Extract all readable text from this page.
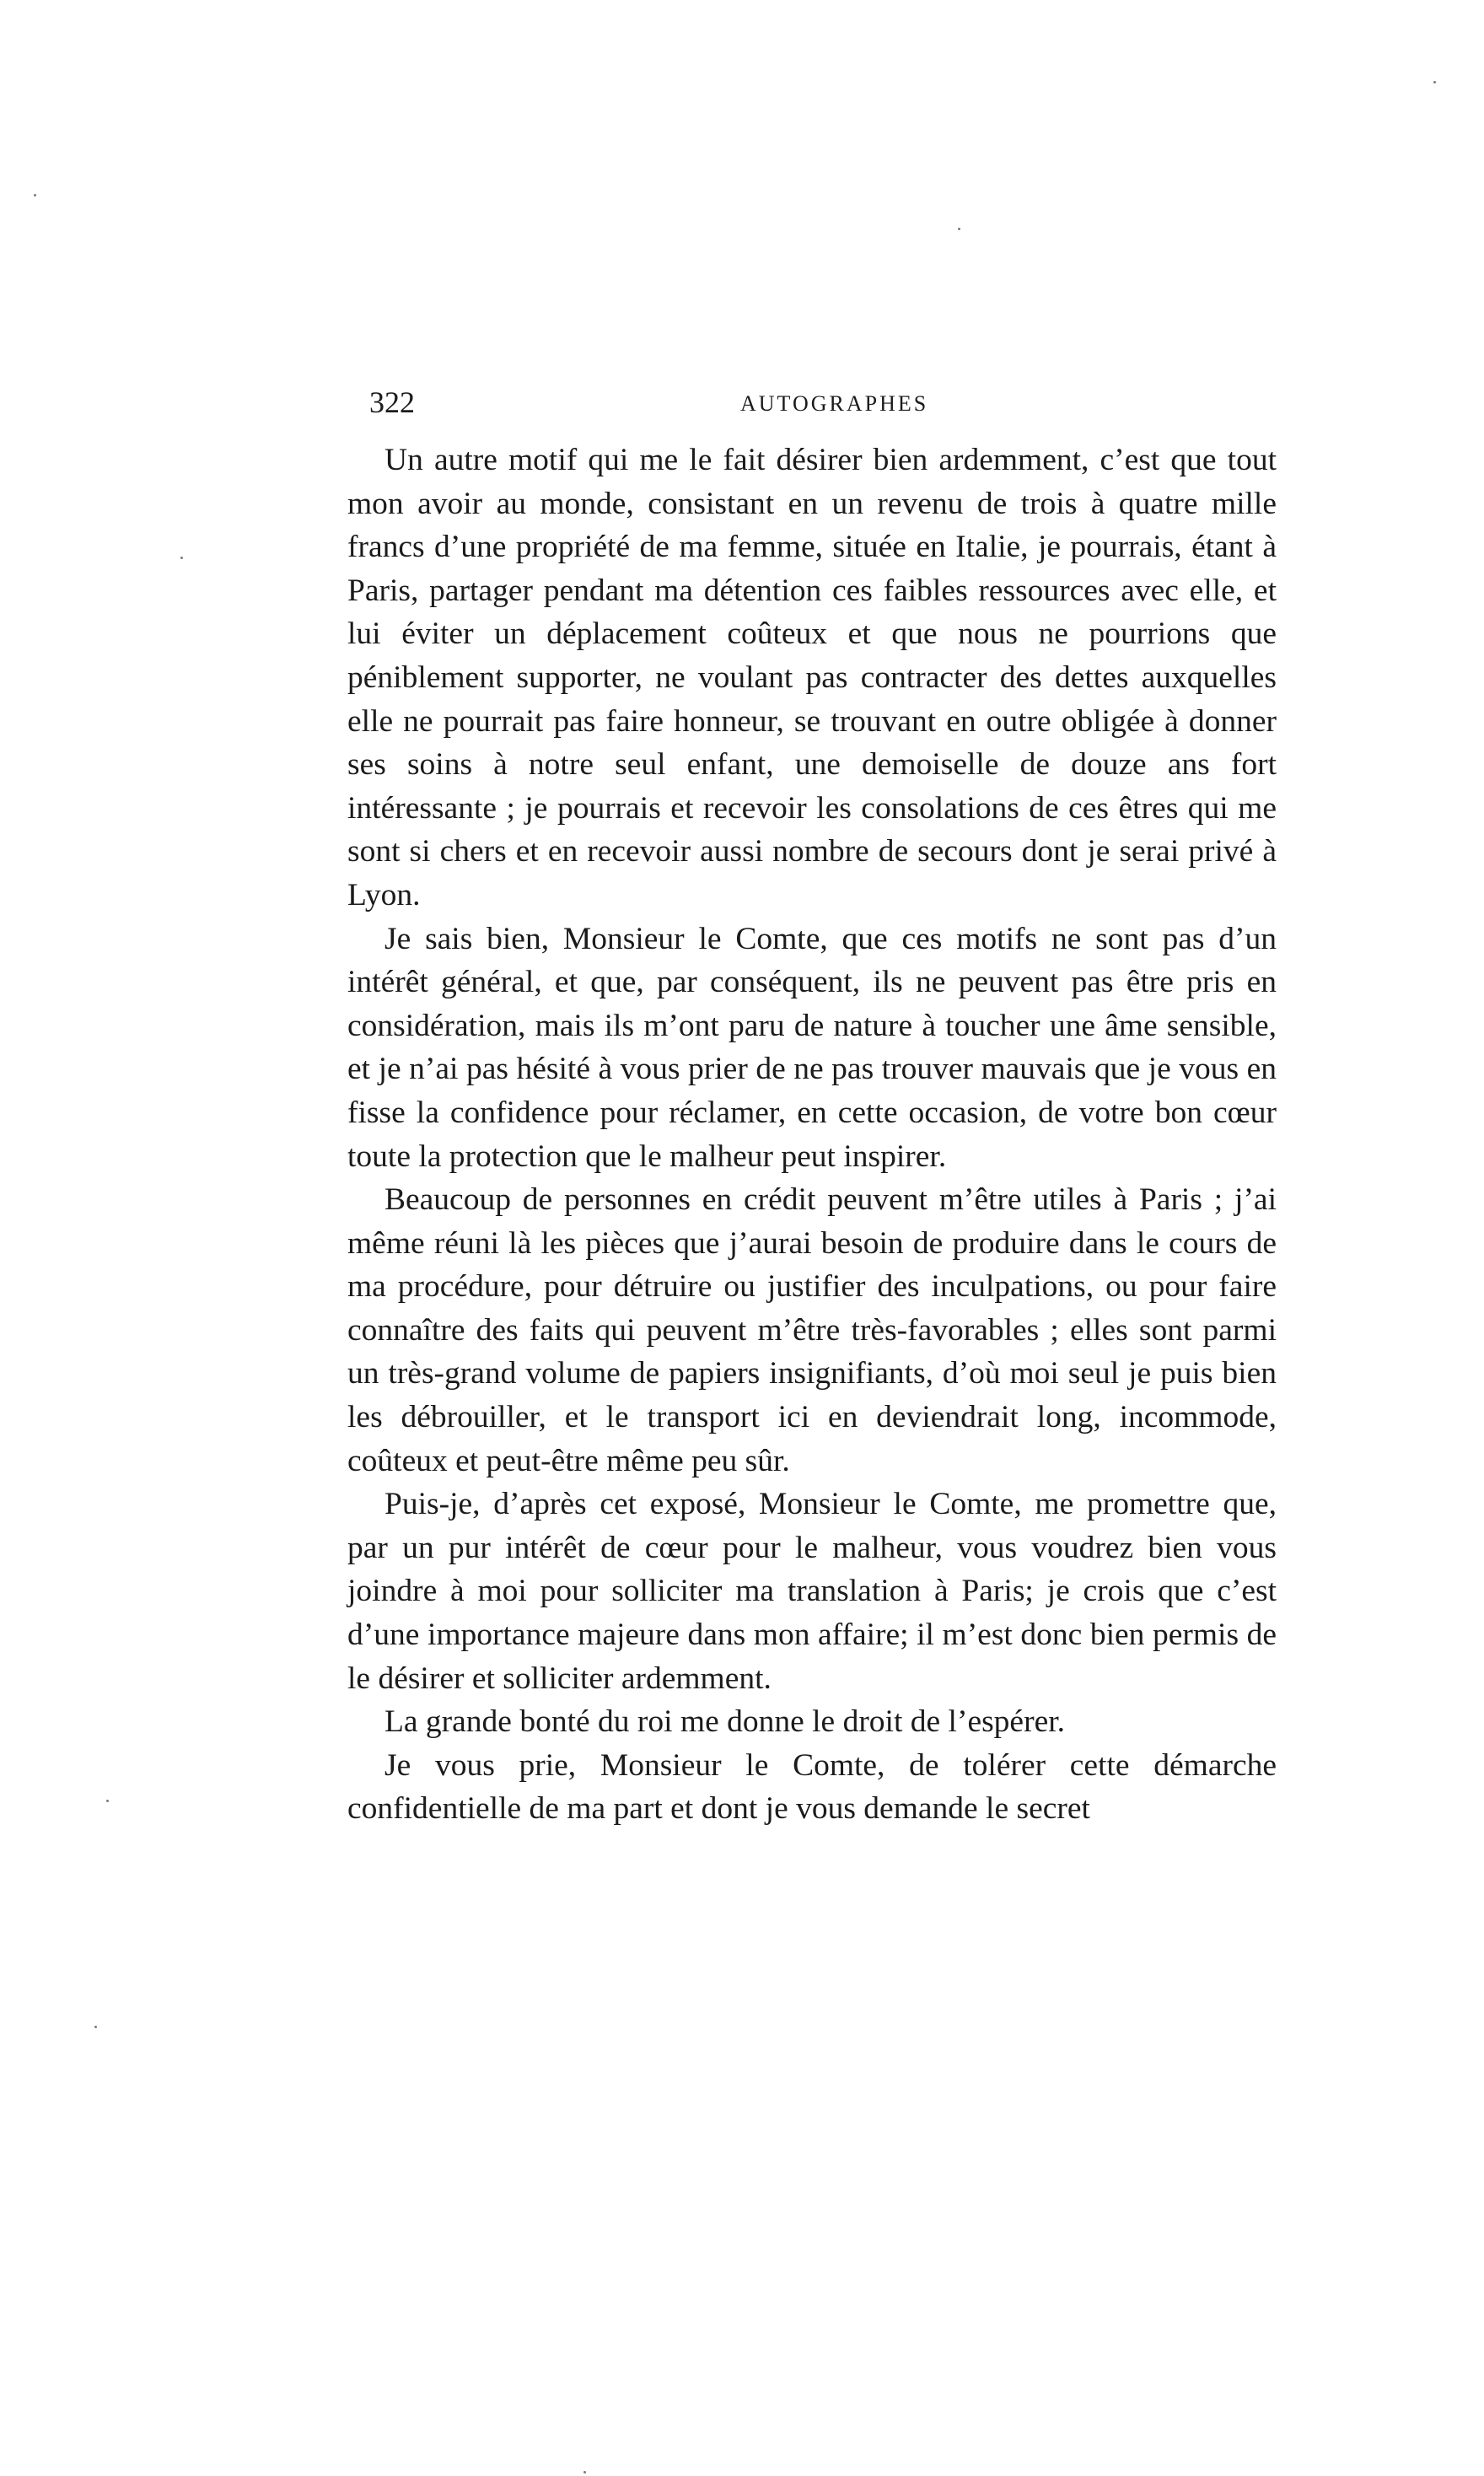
322	AUTOGRAPHES

Un autre motif qui me le fait désirer bien ardemment, c’est que tout mon avoir au monde, consistant en un revenu de trois à quatre mille francs d’une propriété de ma femme, située en Italie, je pourrais, étant à Paris, partager pendant ma détention ces faibles ressources avec elle, et lui éviter un déplacement coûteux et que nous ne pourrions que péniblement supporter, ne voulant pas contracter des dettes auxquelles elle ne pourrait pas faire honneur, se trouvant en outre obligée à donner ses soins à notre seul enfant, une demoiselle de douze ans fort intéressante ; je pourrais et recevoir les consolations de ces êtres qui me sont si chers et en recevoir aussi nombre de secours dont je serai privé à Lyon.

Je sais bien, Monsieur le Comte, que ces motifs ne sont pas d’un intérêt général, et que, par conséquent, ils ne peuvent pas être pris en considération, mais ils m’ont paru de nature à toucher une âme sensible, et je n’ai pas hésité à vous prier de ne pas trouver mauvais que je vous en fisse la confidence pour réclamer, en cette occasion, de votre bon cœur toute la protection que le malheur peut inspirer.

Beaucoup de personnes en crédit peuvent m’être utiles à Paris ; j’ai même réuni là les pièces que j’aurai besoin de produire dans le cours de ma procédure, pour détruire ou justifier des inculpations, ou pour faire connaître des faits qui peuvent m’être très-favorables ; elles sont parmi un très-grand volume de papiers insignifiants, d’où moi seul je puis bien les débrouiller, et le transport ici en deviendrait long, incommode, coûteux et peut-être même peu sûr.

Puis-je, d’après cet exposé, Monsieur le Comte, me promettre que, par un pur intérêt de cœur pour le malheur, vous voudrez bien vous joindre à moi pour solliciter ma translation à Paris; je crois que c’est d’une importance majeure dans mon affaire; il m’est donc bien permis de le désirer et solliciter ardemment.

La grande bonté du roi me donne le droit de l’espérer.

Je vous prie, Monsieur le Comte, de tolérer cette démarche confidentielle de ma part et dont je vous demande le secret
